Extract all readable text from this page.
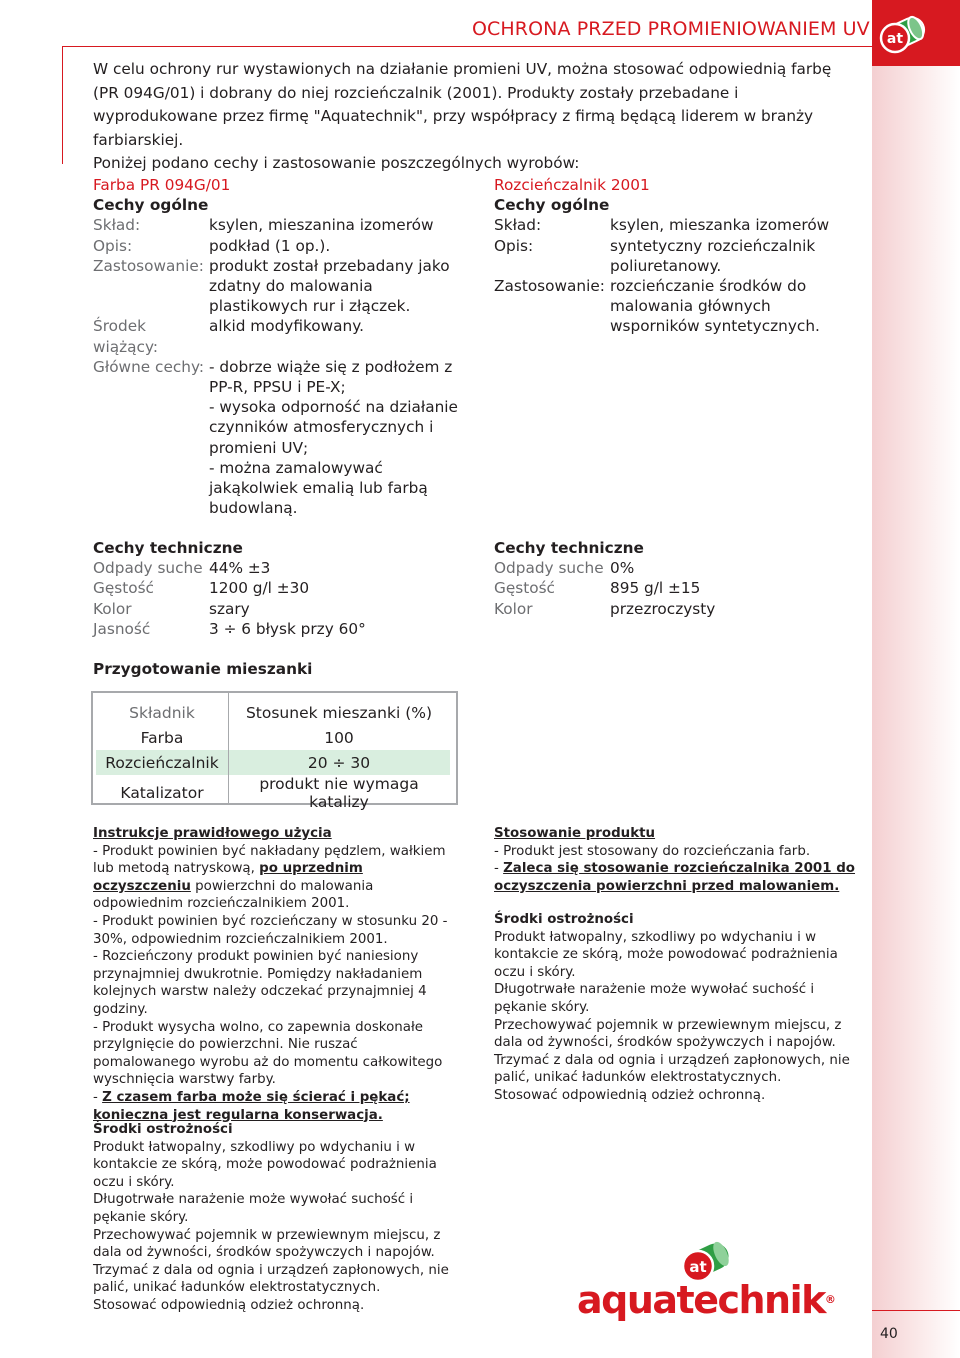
at
OCHRONA PRZED PROMIENIOWANIEM UV

W celu ochrony rur wystawionych na działanie promieni UV, można stosować odpowiednią farbę (PR 094G/01) i dobrany do niej rozcieńczalnik (2001). Produkty zostały przebadane i wyprodukowane przez firmę "Aquatechnik", przy współpracy z firmą będącą liderem w branży farbiarskiej.

Poniżej podano cechy i zastosowanie poszczególnych wyrobów:

Farba PR 094G/01
Cechy ogólne
Skład:	ksylen, mieszanina izomerów
Opis:	podkład (1 op.).
Zastosowanie: produkt został przebadany jako zdatny do malowania plastikowych rur i złączek.
Środek wiążący:
alkid modyfikowany.
Główne cechy: - dobrze wiąże się z podłożem z PP-R, PPSU i PE-X;
- wysoka odporność na działanie czynników atmosferycznych i promieni UV;
- można zamalowywać jakąkolwiek emalią lub farbą budowlaną.
Rozcieńczalnik 2001
Cechy ogólne
Skład:	ksylen, mieszanka izomerów
Opis:	syntetyczny rozcieńczalnik poliuretanowy.
Zastosowanie: rozcieńczanie środków do malowania głównych wsporników syntetycznych.
Cechy techniczne
Odpady suche 44% ±3
Gęstość	1200 g/l ±30
Kolor	szary
Jasność	3 ÷ 6 błysk przy 60°
Cechy techniczne
Odpady suche 0%
Gęstość	895 g/l ±15
Kolor	przezroczysty
Przygotowanie mieszanki
Składnik	Stosunek mieszanki (%)
Farba	100
Rozcieńczalnik	20 ÷ 30
Katalizator	produkt nie wymaga katalizy

Instrukcje prawidłowego użycia

- Produkt powinien być nakładany pędzlem, wałkiem lub metodą natryskową, po uprzednim oczyszczeniu powierzchni do malowania odpowiednim rozcieńczalnikiem 2001.

- Produkt powinien być rozcieńczany w stosunku 20 - 30%, odpowiednim rozcieńczalnikiem 2001.

- Rozcieńczony produkt powinien być naniesiony przynajmniej dwukrotnie. Pomiędzy nakładaniem kolejnych warstw należy odczekać przynajmniej 4 godziny.

- Produkt wysycha wolno, co zapewnia doskonałe przylgnięcie do powierzchni. Nie ruszać pomalowanego wyrobu aż do momentu całkowitego wyschnięcia warstwy farby.

- Z czasem farba może się ścierać i pękać; konieczna jest regularna konserwacja.

Środki ostrożności

Produkt łatwopalny, szkodliwy po wdychaniu i w kontakcie ze skórą, może powodować podrażnienia oczu i skóry.

Długotrwałe narażenie może wywołać suchość i pękanie skóry.

Przechowywać pojemnik w przewiewnym miejscu, z dala od żywności, środków spożywczych i napojów.

Trzymać z dala od ognia i urządzeń zapłonowych, nie palić, unikać ładunków elektrostatycznych.

Stosować odpowiednią odzież ochronną.

Stosowanie produktu

- Produkt jest stosowany do rozcieńczania farb.

- Zaleca się stosowanie rozcieńczalnika 2001 do oczyszczenia powierzchni przed malowaniem.

Środki ostrożności

Produkt łatwopalny, szkodliwy po wdychaniu i w kontakcie ze skórą, może powodować podrażnienia oczu i skóry.

Długotrwałe narażenie może wywołać suchość i pękanie skóry.

Przechowywać pojemnik w przewiewnym miejscu, z dala od żywności, środków spożywczych i napojów.

Trzymać z dala od ognia i urządzeń zapłonowych, nie palić, unikać ładunków elektrostatycznych.

Stosować odpowiednią odzież ochronną.

at
aquatechnik®
40
